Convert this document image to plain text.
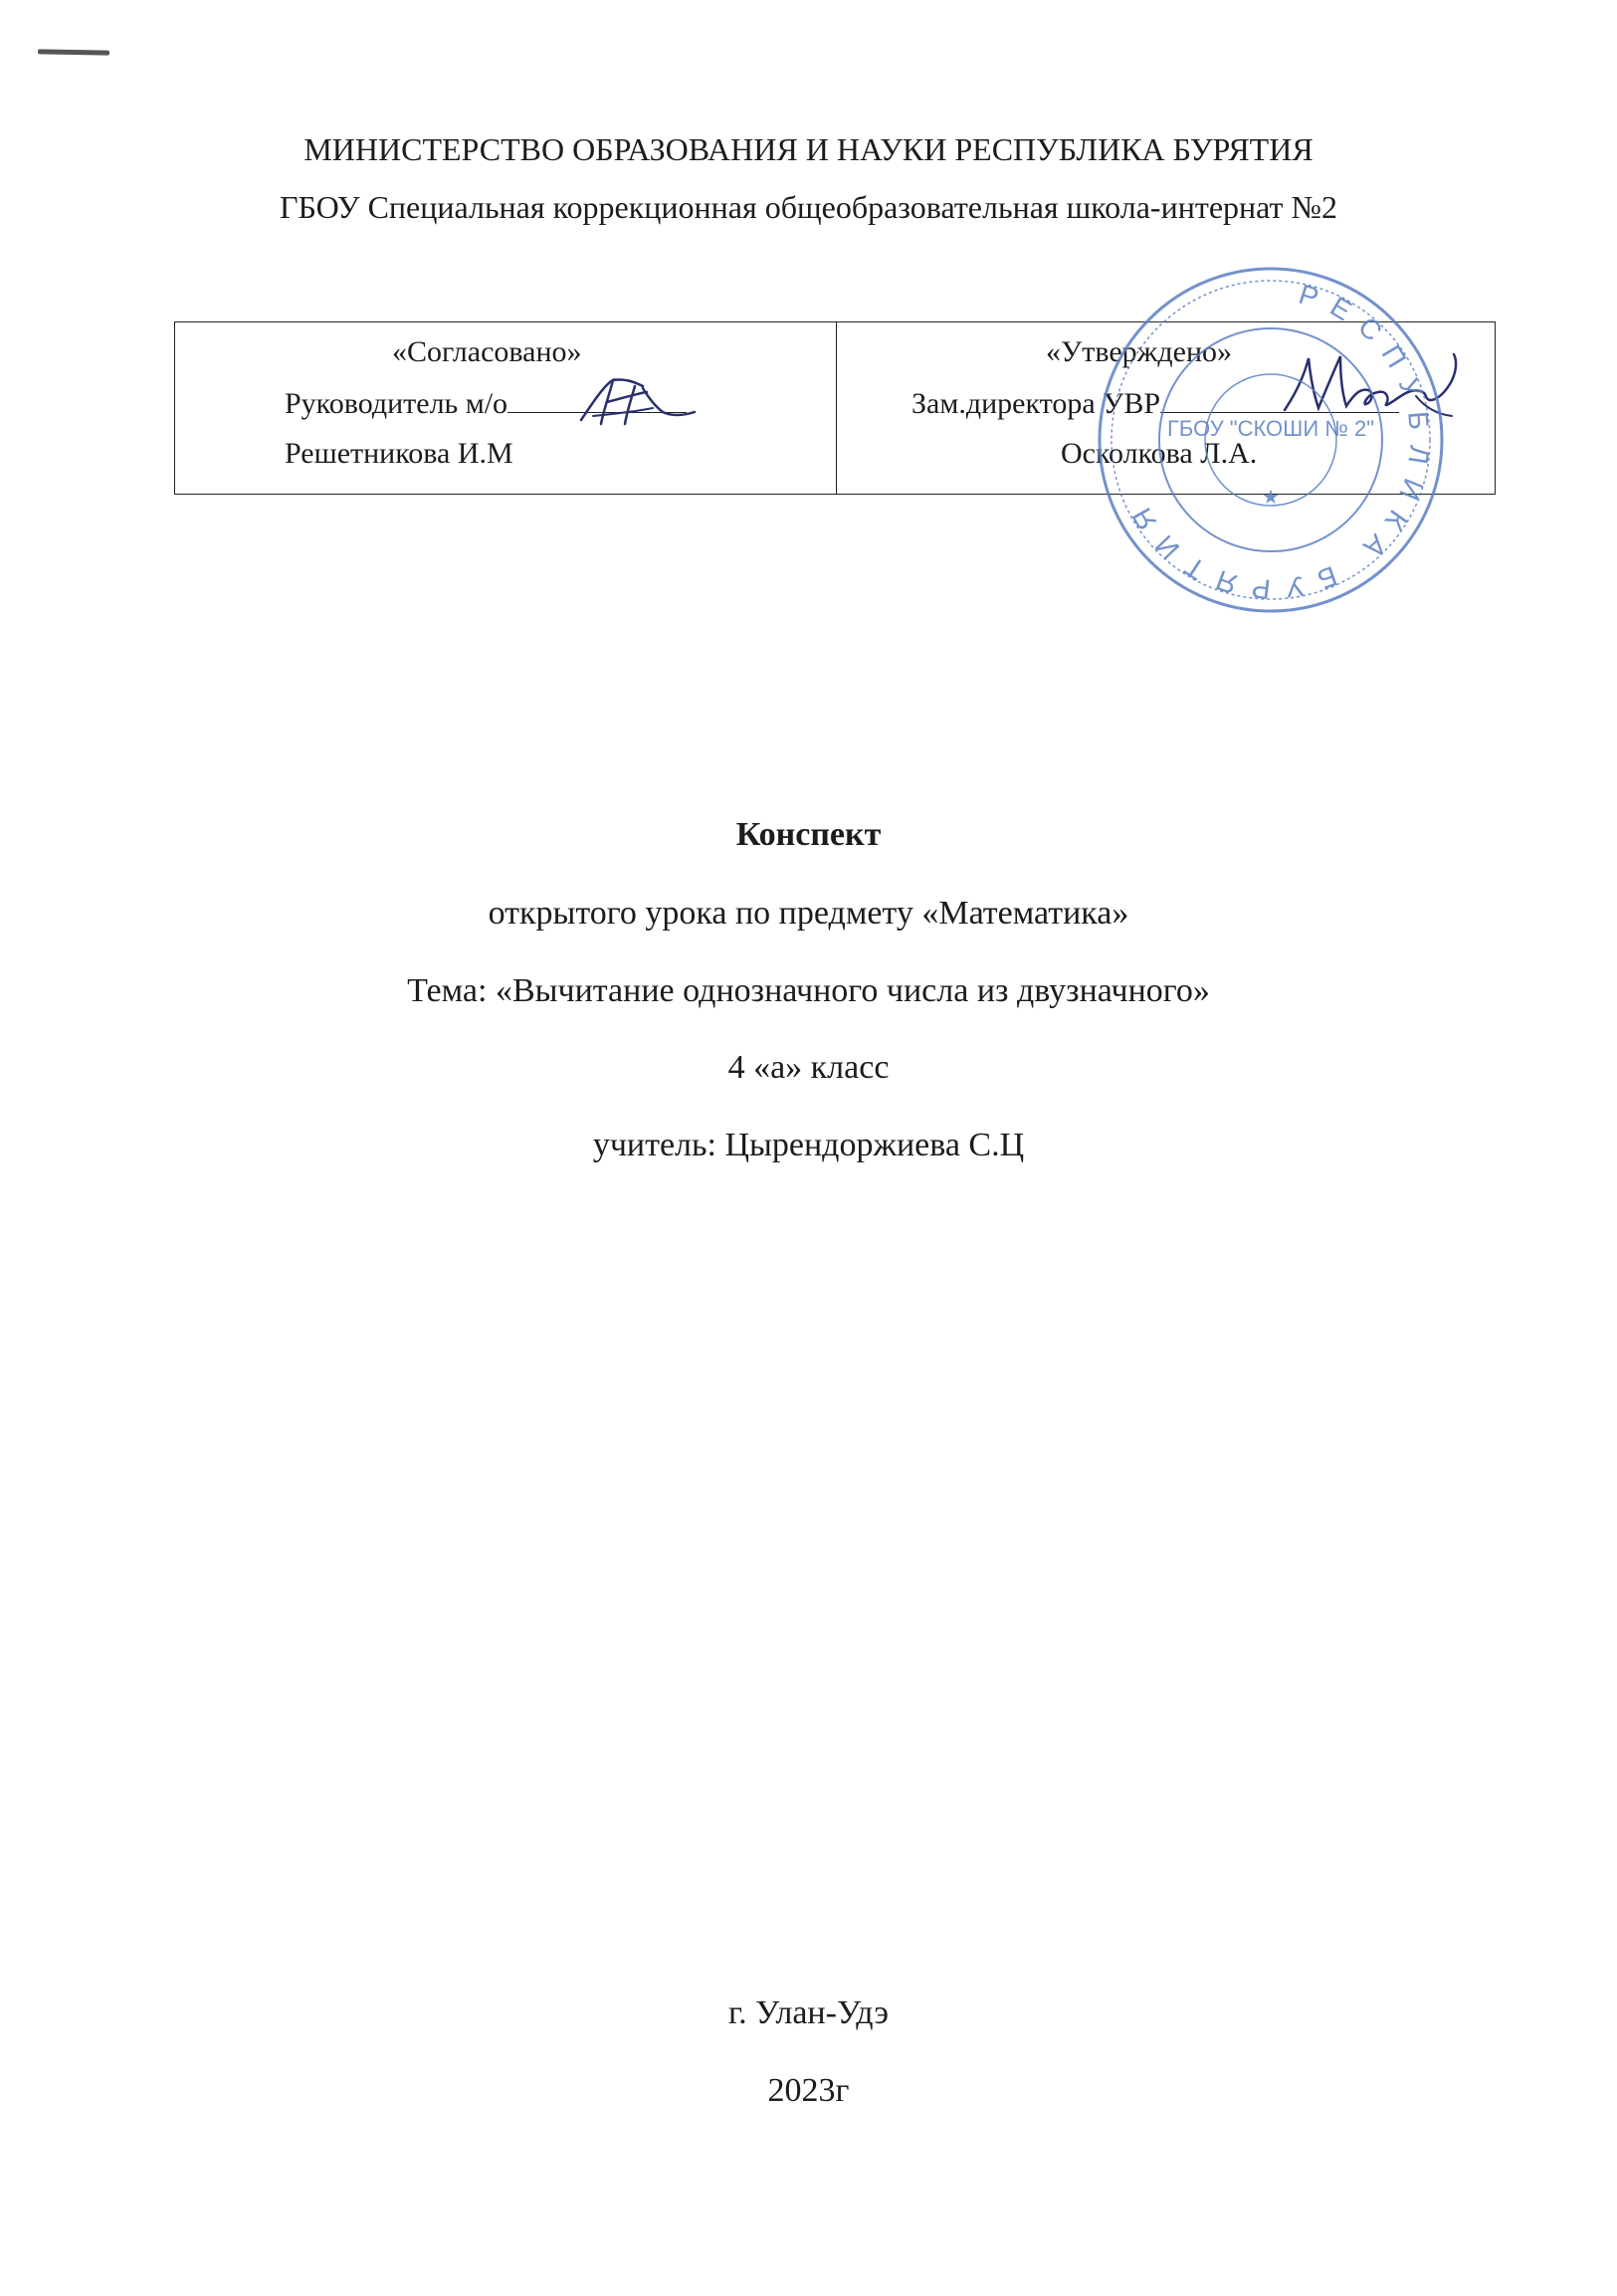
МИНИСТЕРСТВО ОБРАЗОВАНИЯ И НАУКИ РЕСПУБЛИКА БУРЯТИЯ
ГБОУ Специальная коррекционная общеобразовательная школа-интернат №2
«Согласовано»
Руководитель м/о
Решетникова И.М
«Утверждено»
Зам.директора УВР
Осколкова Л.А.
РЕСПУБЛИКА БУРЯТИЯ
ГБОУ "СКОШИ № 2"
★
Конспект
открытого урока по предмету «Математика»
Тема: «Вычитание однозначного числа из двузначного»
4 «а» класс
учитель: Цырендоржиева С.Ц
г. Улан-Удэ
2023г
